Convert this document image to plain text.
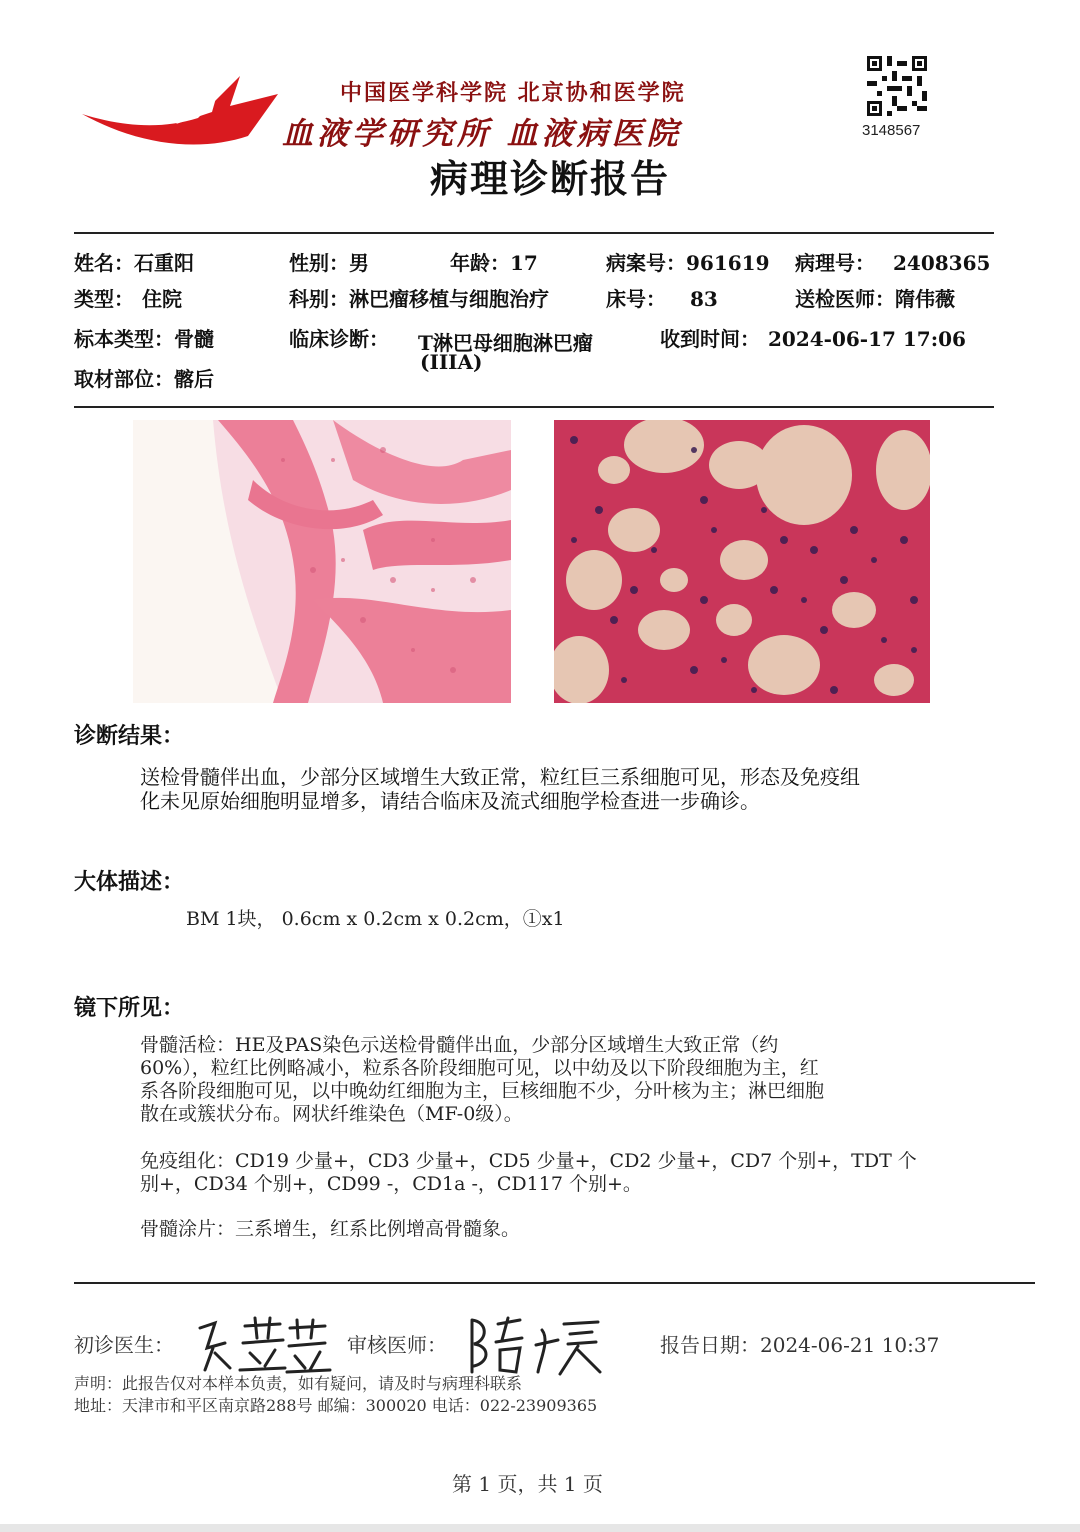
中国医学科学院 北京协和医学院
血液学研究所 血液病医院
病理诊断报告
3148567
姓名：石重阳	性别：男	年龄：17	病案号：961619 病理号： 2408365
类型： 住院	科别：淋巴瘤移植与细胞治疗	床号： 83	送检医师：隋伟薇
标本类型：骨髓	临床诊断： T淋巴母细胞淋巴瘤
(IIIA)
收到时间： 2024-06-17 17:06
取材部位：髂后
诊断结果：
送检骨髓伴出血，少部分区域增生大致正常，粒红巨三系细胞可见，形态及免疫组
化未见原始细胞明显增多，请结合临床及流式细胞学检查进一步确诊。
大体描述：
BM 1块， 0.6cm x 0.2cm x 0.2cm，①x1
镜下所见：
骨髓活检：HE及PAS染色示送检骨髓伴出血，少部分区域增生大致正常（约
60%），粒红比例略减小，粒系各阶段细胞可见，以中幼及以下阶段细胞为主，红
系各阶段细胞可见，以中晚幼红细胞为主，巨核细胞不少，分叶核为主；淋巴细胞
散在或簇状分布。网状纤维染色（MF-0级）。
免疫组化：CD19 少量+，CD3 少量+，CD5 少量+，CD2 少量+，CD7 个别+，TDT 个
别+，CD34 个别+，CD99 -，CD1a -，CD117 个别+。
骨髓涂片：三系增生，红系比例增高骨髓象。
初诊医生：	审核医师：	报告日期：2024-06-21 10:37
声明：此报告仅对本样本负责，如有疑问，请及时与病理科联系
地址：天津市和平区南京路288号 邮编：300020 电话：022-23909365
第 1 页，共 1 页
